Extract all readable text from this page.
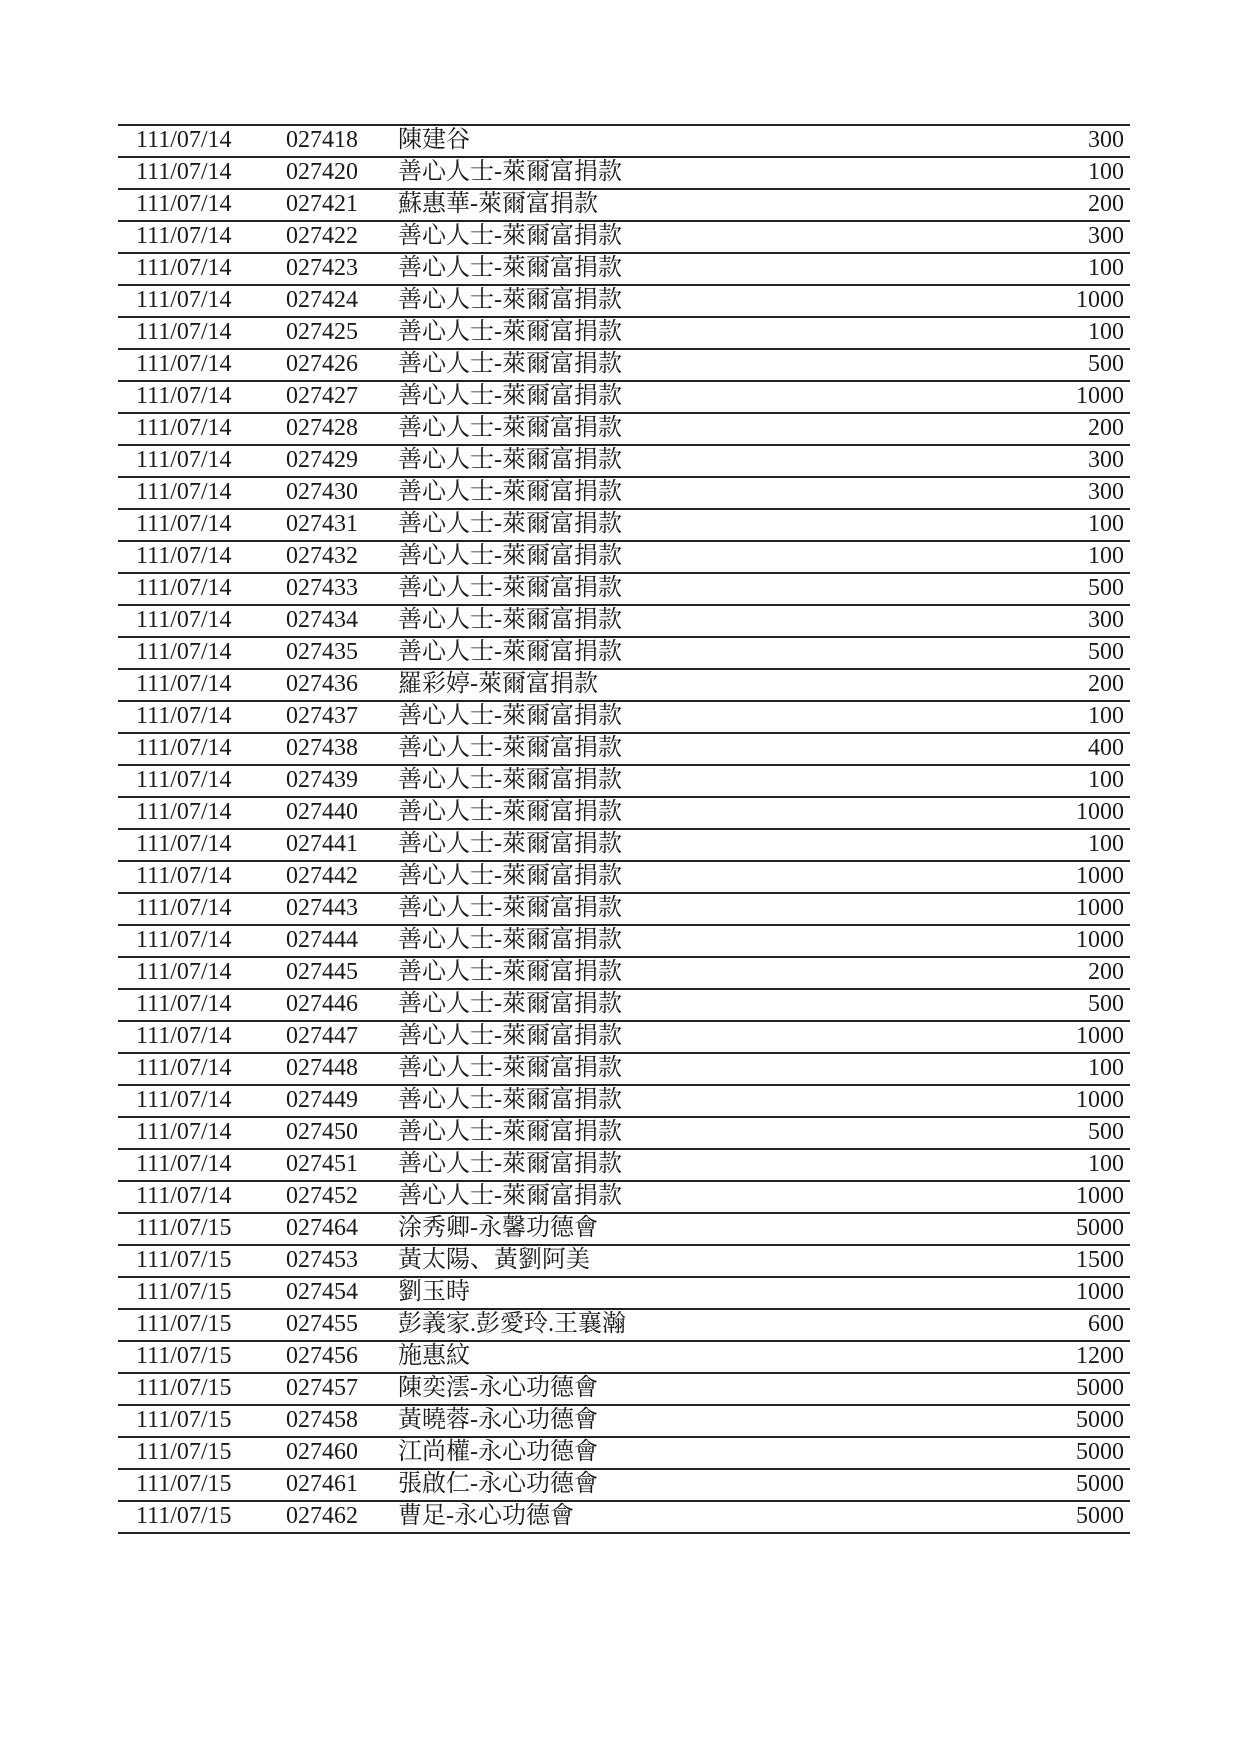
111/07/14 027418 陳建谷	300
111/07/14 027420 善心人士-萊爾富捐款	100
111/07/14 027421 蘇惠華-萊爾富捐款	200
111/07/14 027422 善心人士-萊爾富捐款	300
111/07/14 027423 善心人士-萊爾富捐款	100
111/07/14 027424 善心人士-萊爾富捐款	1000
111/07/14 027425 善心人士-萊爾富捐款	100
111/07/14 027426 善心人士-萊爾富捐款	500
111/07/14 027427 善心人士-萊爾富捐款	1000
111/07/14 027428 善心人士-萊爾富捐款	200
111/07/14 027429 善心人士-萊爾富捐款	300
111/07/14 027430 善心人士-萊爾富捐款	300
111/07/14 027431 善心人士-萊爾富捐款	100
111/07/14 027432 善心人士-萊爾富捐款	100
111/07/14 027433 善心人士-萊爾富捐款	500
111/07/14 027434 善心人士-萊爾富捐款	300
111/07/14 027435 善心人士-萊爾富捐款	500
111/07/14 027436 羅彩婷-萊爾富捐款	200
111/07/14 027437 善心人士-萊爾富捐款	100
111/07/14 027438 善心人士-萊爾富捐款	400
111/07/14 027439 善心人士-萊爾富捐款	100
111/07/14 027440 善心人士-萊爾富捐款	1000
111/07/14 027441 善心人士-萊爾富捐款	100
111/07/14 027442 善心人士-萊爾富捐款	1000
111/07/14 027443 善心人士-萊爾富捐款	1000
111/07/14 027444 善心人士-萊爾富捐款	1000
111/07/14 027445 善心人士-萊爾富捐款	200
111/07/14 027446 善心人士-萊爾富捐款	500
111/07/14 027447 善心人士-萊爾富捐款	1000
111/07/14 027448 善心人士-萊爾富捐款	100
111/07/14 027449 善心人士-萊爾富捐款	1000
111/07/14 027450 善心人士-萊爾富捐款	500
111/07/14 027451 善心人士-萊爾富捐款	100
111/07/14 027452 善心人士-萊爾富捐款	1000
111/07/15 027464 涂秀卿-永馨功德會	5000
111/07/15 027453 黃太陽、黃劉阿美	1500
111/07/15 027454 劉玉時	1000
111/07/15 027455 彭義家.彭愛玲.王襄瀚	600
111/07/15 027456 施惠紋	1200
111/07/15 027457 陳奕澐-永心功德會	5000
111/07/15 027458 黃曉蓉-永心功德會	5000
111/07/15 027460 江尚權-永心功德會	5000
111/07/15 027461 張啟仁-永心功德會	5000
111/07/15 027462 曹足-永心功德會	5000
